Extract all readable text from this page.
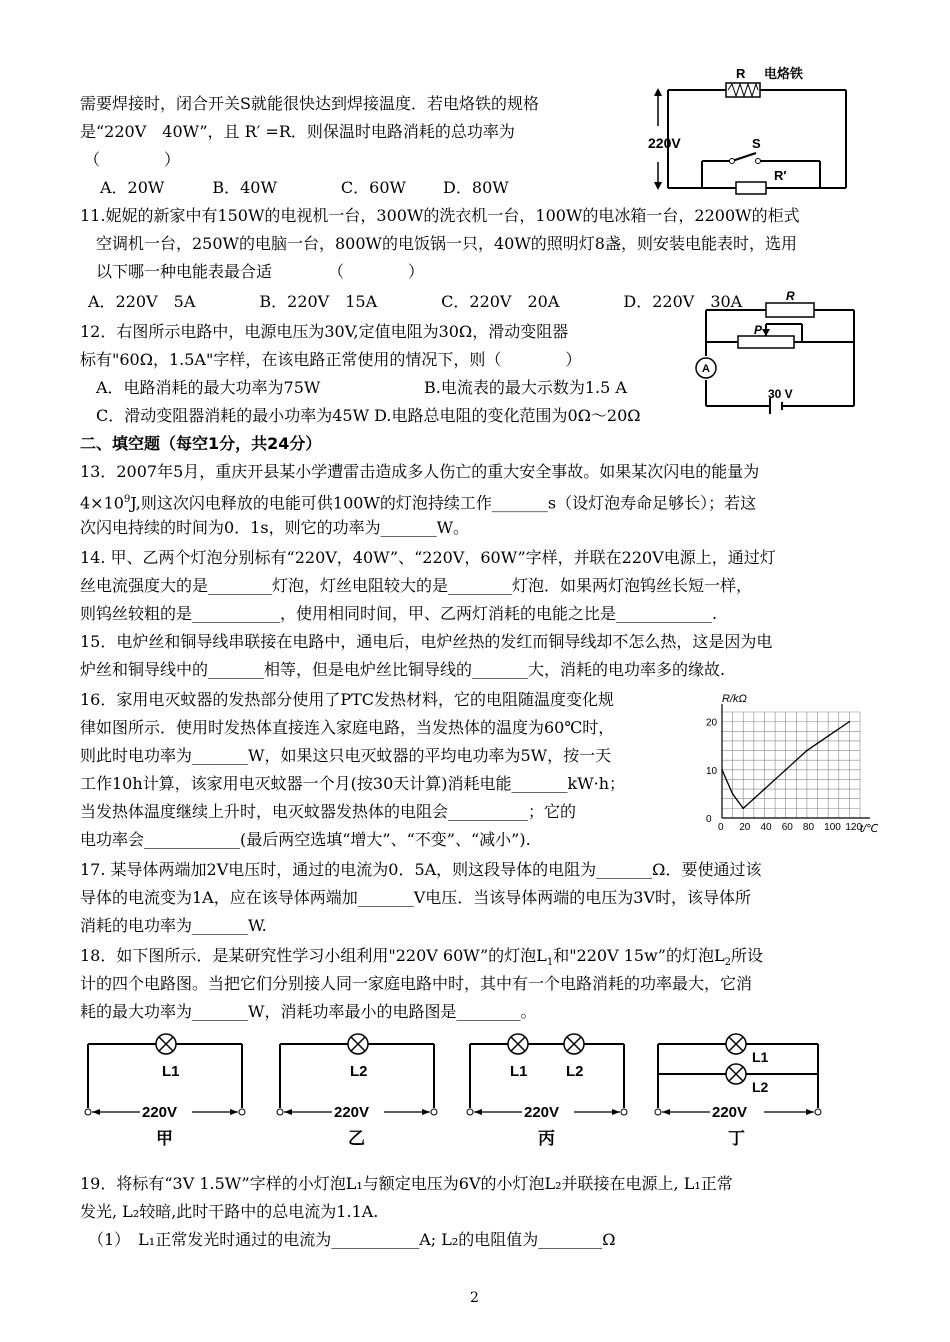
需要焊接时，闭合开关S就能很快达到焊接温度．若电烙铁的规格
是“220V　40W”，且 R′ =R．则保温时电路消耗的总功率为
（　　　　）
A．20W　　　B．40W　　　　C．60W　　 D．80W
R 电烙铁
220V	S
R′
11.妮妮的新家中有150W的电视机一台，300W的洗衣机一台，100W的电冰箱一台，2200W的柜式
空调机一台，250W的电脑一台，800W的电饭锅一只，40W的照明灯8盏，则安装电能表时，选用
以下哪一种电能表最合适　　　　（　　　　）
A．220V　5A　　　　B．220V　15A　　　　C．220V　20A　　　　D．220V　30A	R
P
A
30 V
12．右图所示电路中，电源电压为30V,定值电阻为30Ω，滑动变阻器
标有"60Ω，1.5A"字样，在该电路正常使用的情况下，则（　　　　）
A．电路消耗的最大功率为75W	B.电流表的最大示数为1.5 A
C．滑动变阻器消耗的最小功率为45W D.电路总电阻的变化范围为0Ω～20Ω
二、填空题（每空1分，共24分）
13．2007年5月，重庆开县某小学遭雷击造成多人伤亡的重大安全事故。如果某次闪电的能量为
$4\times 10^9J$,则这次闪电释放的电能可供100W的灯泡持续工作_______s（设灯泡寿命足够长）；若这
次闪电持续的时间为0．1s，则它的功率为_______W。
14. 甲、乙两个灯泡分别标有“220V，40W”、“220V，60W”字样，并联在220V电源上，通过灯
丝电流强度大的是________灯泡，灯丝电阻较大的是________灯泡．如果两灯泡钨丝长短一样，
则钨丝较粗的是___________，使用相同时间，甲、乙两灯消耗的电能之比是____________.
15．电炉丝和铜导线串联接在电路中，通电后，电炉丝热的发红而铜导线却不怎么热，这是因为电
炉丝和铜导线中的_______相等，但是电炉丝比铜导线的_______大，消耗的电功率多的缘故.
16．家用电灭蚊器的发热部分使用了PTC发热材料，它的电阻随温度变化规
律如图所示．使用时发热体直接连入家庭电路，当发热体的温度为60℃时，
则此时电功率为_______W，如果这只电灭蚊器的平均电功率为5W，按一天
工作10h计算，该家用电灭蚊器一个月(按30天计算)消耗电能_______kW·h；
当发热体温度继续上升时，电灭蚊器发热体的电阻会__________；它的
电功率会____________(最后两空选填“增大”、“不变”、“减小”).
0 20 40 60 80 100 120
0
10
20
R/kΩ
t/℃
17. 某导体两端加2V电压时，通过的电流为0．5A，则这段导体的电阻为_______Ω．要使通过该
导体的电流变为1A，应在该导体两端加_______V电压．当该导体两端的电压为3V时，该导体所
消耗的电功率为_______W.
18．如下图所示．是某研究性学习小组利用"220V 60W”的灯泡$L_1$和"220V 15w”的灯泡$L_2$所设
计的四个电路图。当把它们分别接人同一家庭电路中时，其中有一个电路消耗的功率最大，它消
耗的最大功率为_______W，消耗功率最小的电路图是________。
L1
220V
甲
L2
220V
乙
L1	L2
220V
丙
L1
L2
220V
丁
19．将标有“3V 1.5W”字样的小灯泡L₁与额定电压为6V的小灯泡L₂并联接在电源上, L₁正常
发光, L₂较暗,此时干路中的总电流为1.1A.
（1）　L₁正常发光时通过的电流为___________A; L₂的电阻值为________Ω
2
